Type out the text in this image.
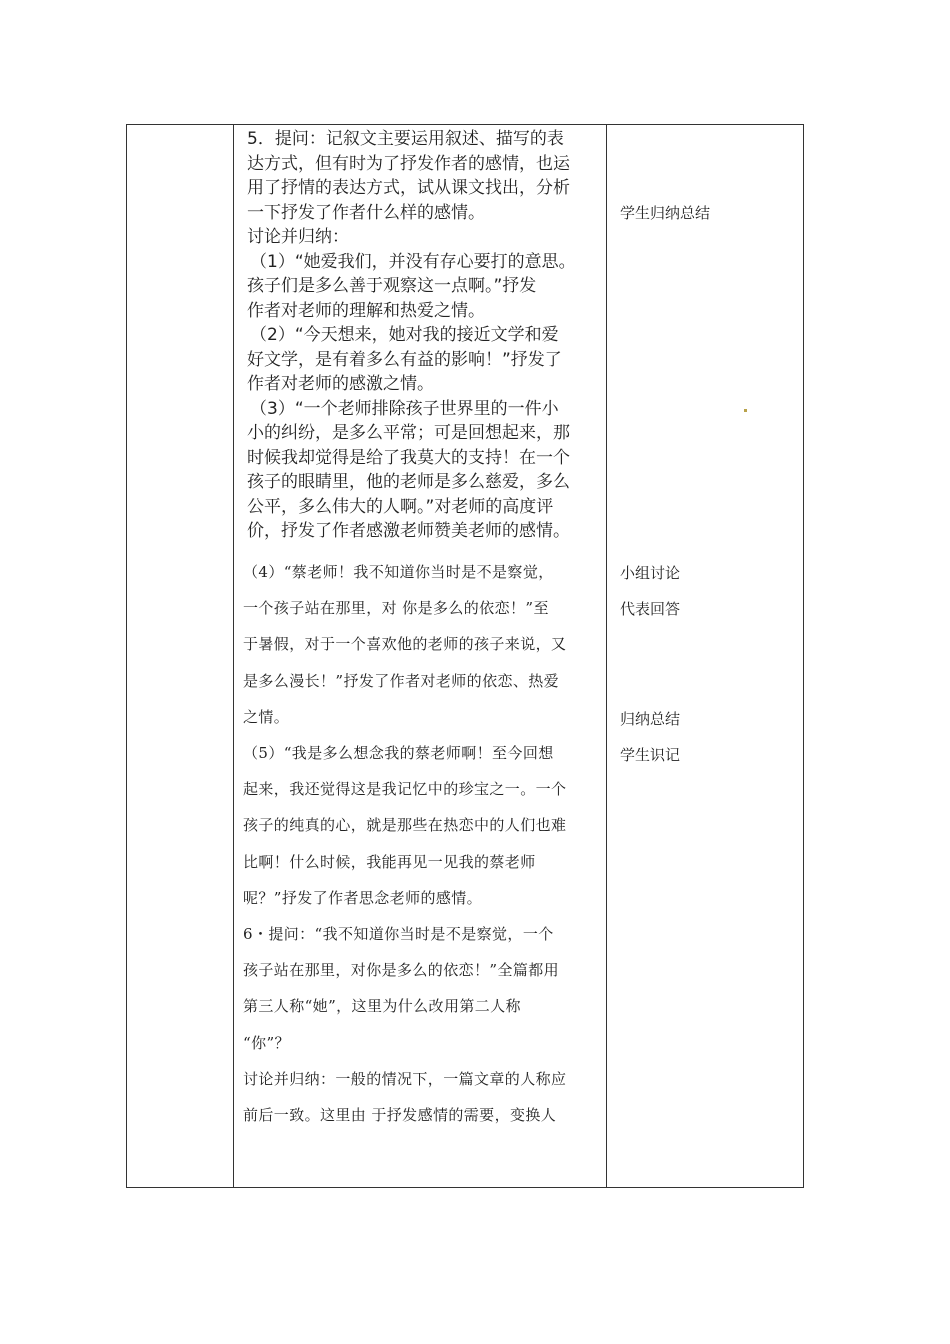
5．提问：记叙文主要运用叙述、描写的表

达方式，但有时为了抒发作者的感情，也运

用了抒情的表达方式，试从课文找出，分析

一下抒发了作者什么样的感情。

讨论并归纳：

（1）“她爱我们，并没有存心要打的意思。

孩子们是多么善于观察这一点啊。”抒发

作者对老师的理解和热爱之情。

（2）“今天想来，她对我的接近文学和爱

好文学，是有着多么有益的影响！”抒发了

作者对老师的感激之情。

（3）“一个老师排除孩子世界里的一件小

小的纠纷，是多么平常；可是回想起来，那

时候我却觉得是给了我莫大的支持！在一个

孩子的眼睛里，他的老师是多么慈爱，多么

公平，多么伟大的人啊。”对老师的高度评

价，抒发了作者感激老师赞美老师的感情。

（4）“蔡老师！我不知道你当时是不是察觉，

一个孩子站在那里，对 你是多么的依恋！”至

于暑假，对于一个喜欢他的老师的孩子来说，又

是多么漫长！”抒发了作者对老师的依恋、热爱

之情。

（5）“我是多么想念我的蔡老师啊！至今回想

起来，我还觉得这是我记忆中的珍宝之一。一个

孩子的纯真的心，就是那些在热恋中的人们也难

比啊！什么时候，我能再见一见我的蔡老师

呢？”抒发了作者思念老师的感情。

6・提问：“我不知道你当时是不是察觉，一个

孩子站在那里，对你是多么的依恋！”全篇都用

第三人称“她”，这里为什么改用第二人称

“你”？

讨论并归纳：一般的情况下，一篇文章的人称应

前后一致。这里由 于抒发感情的需要，变换人

学生归纳总结
小组讨论
代表回答
归纳总结
学生识记
